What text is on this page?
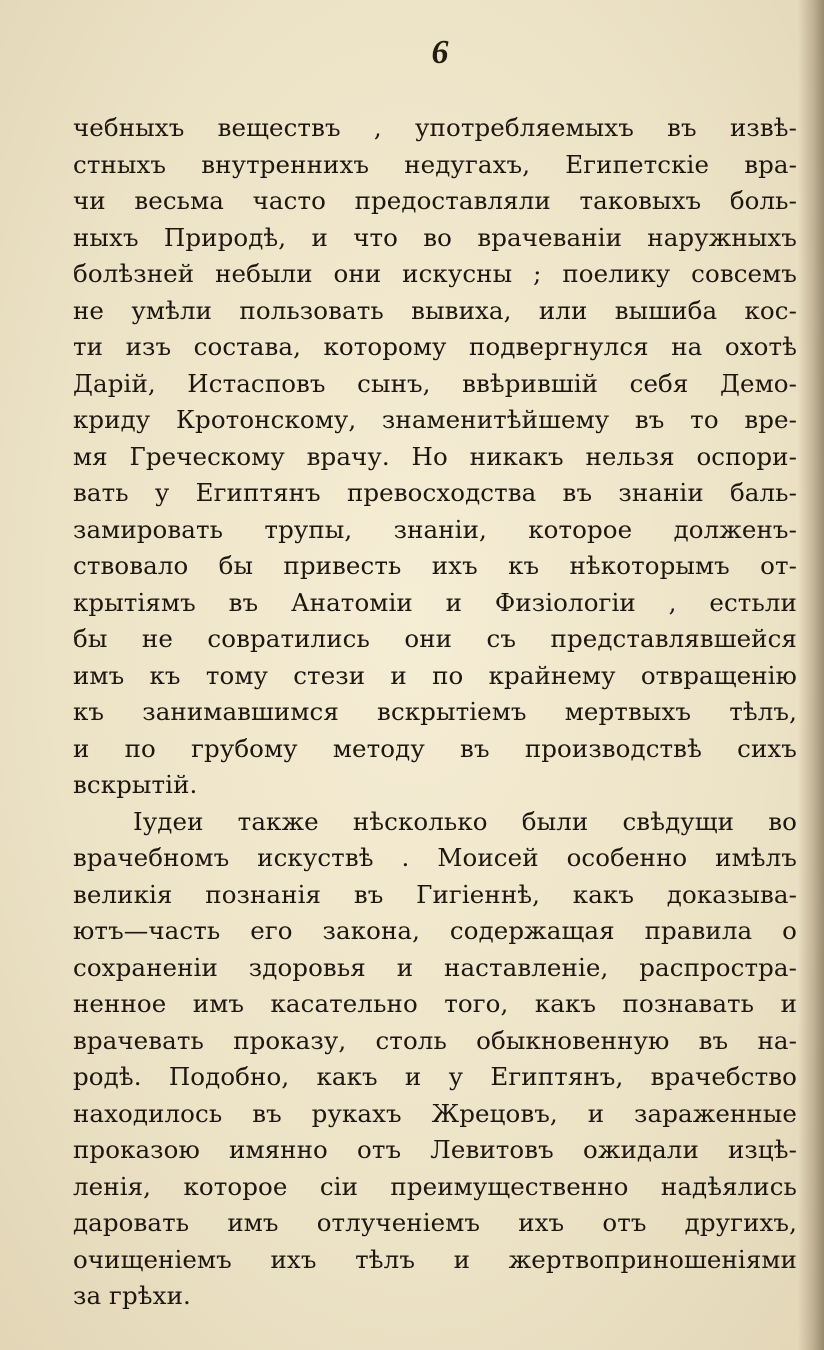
6
чебныхъ веществъ , употребляемыхъ въ извѣ-
стныхъ внутреннихъ недугахъ, Египетскіе вра-
чи весьма часто предоставляли таковыхъ боль-
ныхъ Природѣ, и что во врачеваніи наружныхъ
болѣзней небыли они искусны ; поелику совсемъ
не умѣли пользовать вывиха, или вышиба кос-
ти изъ состава, которому подвергнулся на охотѣ
Дарій, Истасповъ сынъ, ввѣрившій себя Демо-
криду Кротонскому, знаменитѣйшему въ то вре-
мя Греческому врачу. Но никакъ нельзя оспори-
вать у Египтянъ превосходства въ знаніи баль-
замировать трупы, знаніи, которое долженъ-
ствовало бы привесть ихъ къ нѣкоторымъ от-
крытіямъ въ Анатоміи и Физіологіи , естьли
бы не совратились они съ представлявшейся
имъ къ тому стези и по крайнему отвращенію
къ занимавшимся вскрытіемъ мертвыхъ тѣлъ,
и по грубому методу въ производствѣ сихъ
вскрытій.
Іудеи также нѣсколько были свѣдущи во
врачебномъ искуствѣ . Моисей особенно имѣлъ
великія познанія въ Гигіеннѣ, какъ доказыва-
ютъ—часть его закона, содержащая правила о
сохраненіи здоровья и наставленіе, распростра-
ненное имъ касательно того, какъ познавать и
врачевать проказу, столь обыкновенную въ на-
родѣ. Подобно, какъ и у Египтянъ, врачебство
находилось въ рукахъ Жрецовъ, и зараженные
проказою имянно отъ Левитовъ ожидали изцѣ-
ленія, которое сіи преимущественно надѣялись
даровать имъ отлученіемъ ихъ отъ другихъ,
очищеніемъ ихъ тѣлъ и жертвоприношеніями
за грѣхи.
